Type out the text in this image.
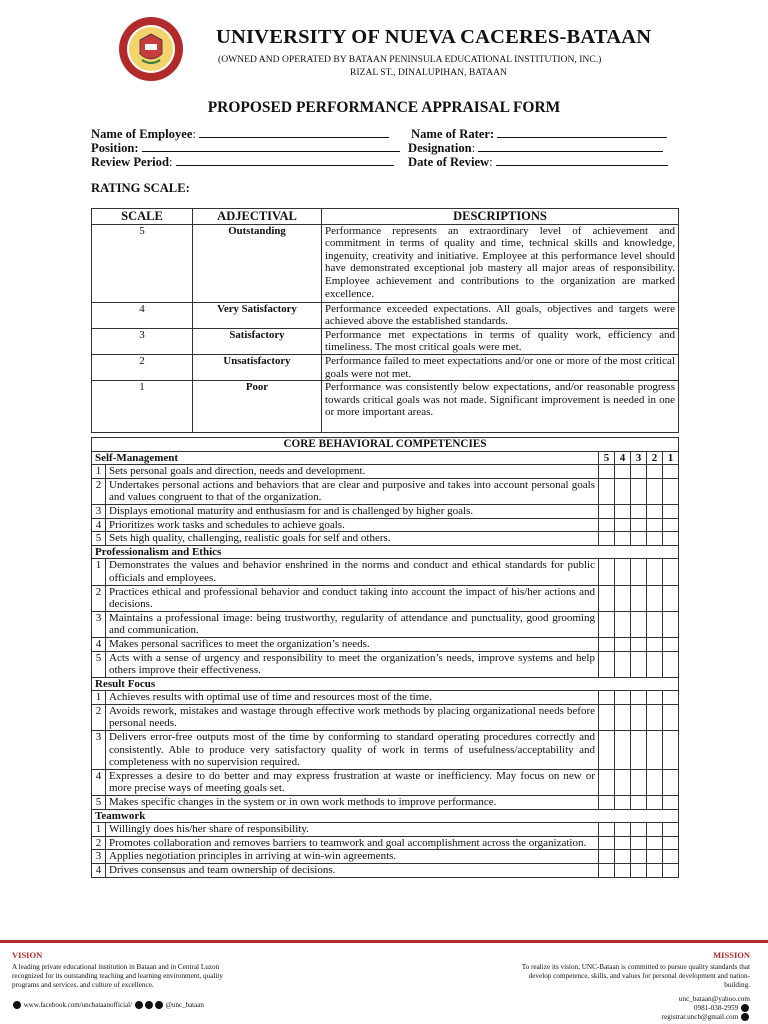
UNIVERSITY OF NUEVA CACERES-BATAAN
(OWNED AND OPERATED BY BATAAN PENINSULA EDUCATIONAL INSTITUTION, INC.)
RIZAL ST., DINALUPIHAN, BATAAN
PROPOSED PERFORMANCE APPRAISAL FORM
Name of Employee:	Name of Rater:
Position:	Designation:
Review Period:	Date of Review:
RATING SCALE:
SCALE	ADJECTIVAL	DESCRIPTIONS
5	Outstanding	Performance represents an extraordinary level of achievement and commitment in terms of quality and time, technical skills and knowledge, ingenuity, creativity and initiative. Employee at this performance level should have demonstrated exceptional job mastery all major areas of responsibility. Employee achievement and contributions to the organization are marked excellence.
4	Very Satisfactory	Performance exceeded expectations. All goals, objectives and targets were achieved above the established standards.
3	Satisfactory	Performance met expectations in terms of quality work, efficiency and timeliness. The most critical goals were met.
2	Unsatisfactory	Performance failed to meet expectations and/or one or more of the most critical goals were not met.
1	Poor	Performance was consistently below expectations, and/or reasonable progress towards critical goals was not made. Significant improvement is needed in one or more important areas.
CORE BEHAVIORAL COMPETENCIES						
Self-Management		5	4	3	2	1
1	Sets personal goals and direction, needs and development.					
2	Undertakes personal actions and behaviors that are clear and purposive and takes into account personal goals and values congruent to that of the organization.					
3	Displays emotional maturity and enthusiasm for and is challenged by higher goals.					
4	Prioritizes work tasks and schedules to achieve goals.					
5	Sets high quality, challenging, realistic goals for self and others.					
Professionalism and Ethics						
1	Demonstrates the values and behavior enshrined in the norms and conduct and ethical standards for public officials and employees.					
2	Practices ethical and professional behavior and conduct taking into account the impact of his/her actions and decisions.					
3	Maintains a professional image: being trustworthy, regularity of attendance and punctuality, good grooming and communication.					
4	Makes personal sacrifices to meet the organization’s needs.					
5	Acts with a sense of urgency and responsibility to meet the organization’s needs, improve systems and help others improve their effectiveness.					
Result Focus						
1	Achieves results with optimal use of time and resources most of the time.					
2	Avoids rework, mistakes and wastage through effective work methods by placing organizational needs before personal needs.					
3	Delivers error-free outputs most of the time by conforming to standard operating procedures correctly and consistently. Able to produce very satisfactory quality of work in terms of usefulness/acceptability and completeness with no supervision required.					
4	Expresses a desire to do better and may express frustration at waste or inefficiency. May focus on new or more precise ways of meeting goals set.					
5	Makes specific changes in the system or in own work methods to improve performance.					
Teamwork						
1	Willingly does his/her share of responsibility.					
2	Promotes collaboration and removes barriers to teamwork and goal accomplishment across the organization.					
3	Applies negotiation principles in arriving at win-win agreements.					
4	Drives consensus and team ownership of decisions.					
VISION	MISSION
A leading private educational institution in Bataan and in Central Luzon recognized for its outstanding teaching and learning environment, quality programs and services, and culture of excellence.
To realize its vision, UNC-Bataan is committed to pursue quality standards that develop competence, skills, and values for personal development and nation-building.
www.facebook.com/uncbataanofficial/	@unc_bataan
unc_bataan@yahoo.com
0981-038-2959
registrar.uncb@gmail.com
